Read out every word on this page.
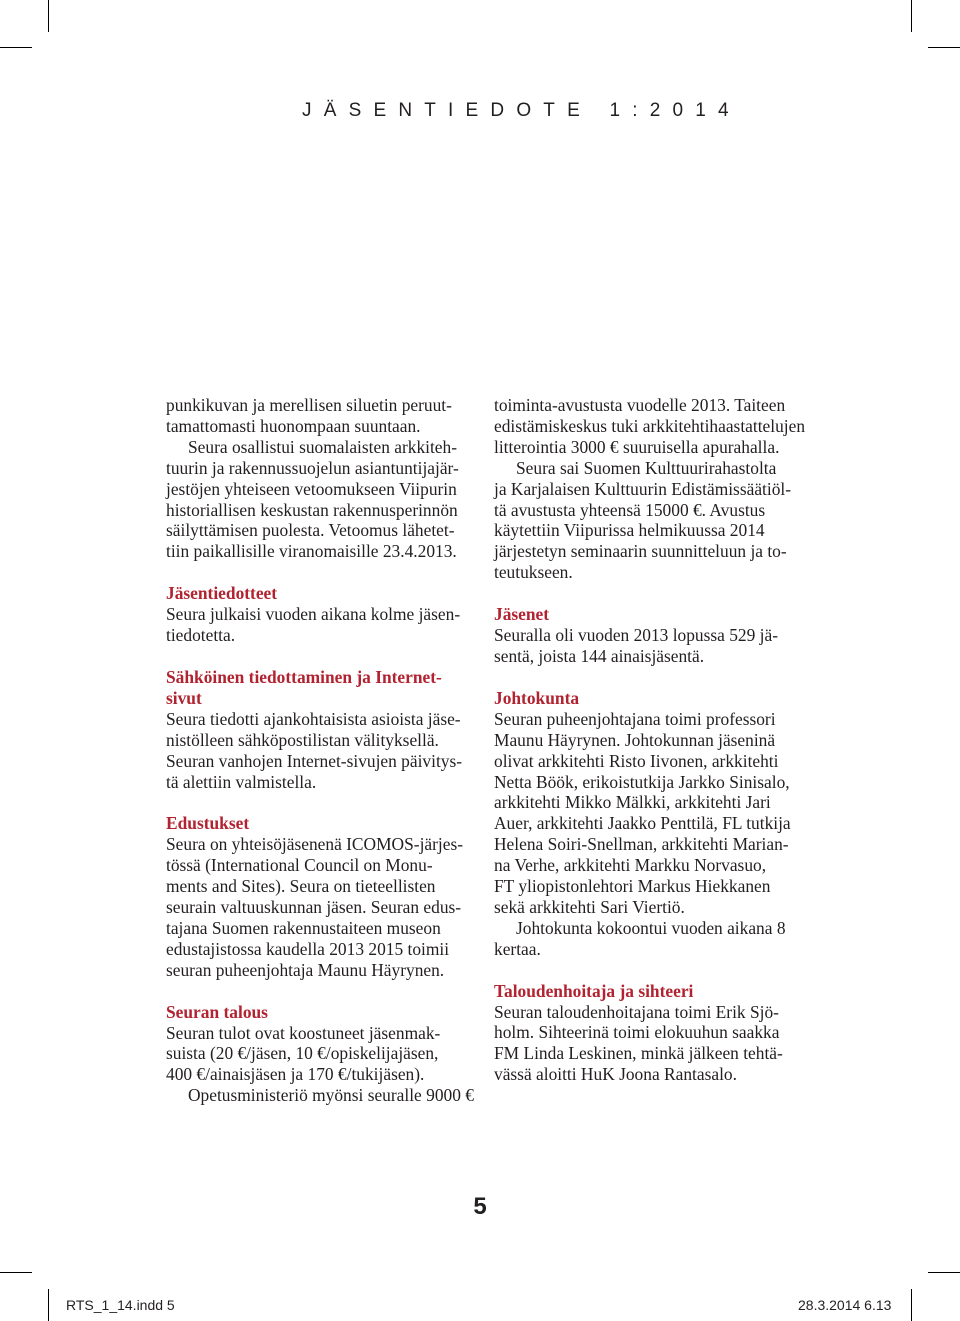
JÄSENTIEDOTE 1:2014

punkikuvan ja merellisen siluetin peruut-
tamattomasti huonompaan suuntaan.

Seura osallistui suomalaisten arkkiteh-
tuurin ja rakennussuojelun asiantuntijajär-
jestöjen yhteiseen vetoomukseen Viipurin
historiallisen keskustan rakennusperinnön
säilyttämisen puolesta. Vetoomus lähetet-
tiin paikallisille viranomaisille 23.4.2013.

Jäsentiedotteet

Seura julkaisi vuoden aikana kolme jäsen-
tiedotetta.

Sähköinen tiedottaminen ja Internet-
sivut

Seura tiedotti ajankohtaisista asioista jäse-
nistölleen sähköpostilistan välityksellä.
Seuran vanhojen Internet-sivujen päivitys-
tä alettiin valmistella.

Edustukset

Seura on yhteisöjäsenenä ICOMOS-järjes-
tössä (International Council on Monu-
ments and Sites). Seura on tieteellisten
seurain valtuuskunnan jäsen. Seuran edus-
tajana Suomen rakennustaiteen museon
edustajistossa kaudella 2013 2015 toimii
seuran puheenjohtaja Maunu Häyrynen.

Seuran talous

Seuran tulot ovat koostuneet jäsenmak-
suista (20 €/jäsen, 10 €/opiskelijajäsen,
400 €/ainaisjäsen ja 170 €/tukijäsen).

Opetusministeriö myönsi seuralle 9000 €

toiminta-avustusta vuodelle 2013. Taiteen
edistämiskeskus tuki arkkitehtihaastattelujen
litterointia 3000 € suuruisella apurahalla.

Seura sai Suomen Kulttuurirahastolta
ja Karjalaisen Kulttuurin Edistämissäätiöl-
tä avustusta yhteensä 15000 €. Avustus
käytettiin Viipurissa helmikuussa 2014
järjestetyn seminaarin suunnitteluun ja to-
teutukseen.

Jäsenet

Seuralla oli vuoden 2013 lopussa 529 jä-
sentä, joista 144 ainaisjäsentä.

Johtokunta

Seuran puheenjohtajana toimi professori
Maunu Häyrynen. Johtokunnan jäseninä
olivat arkkitehti Risto Iivonen, arkkitehti
Netta Böök, erikoistutkija Jarkko Sinisalo,
arkkitehti Mikko Mälkki, arkkitehti Jari
Auer, arkkitehti Jaakko Penttilä, FL tutkija
Helena Soiri-Snellman, arkkitehti Marian-
na Verhe, arkkitehti Markku Norvasuo,
FT yliopistonlehtori Markus Hiekkanen
sekä arkkitehti Sari Viertiö.

Johtokunta kokoontui vuoden aikana 8
kertaa.

Taloudenhoitaja ja sihteeri

Seuran taloudenhoitajana toimi Erik Sjö-
holm. Sihteerinä toimi elokuuhun saakka
FM Linda Leskinen, minkä jälkeen tehtä-
vässä aloitti HuK Joona Rantasalo.

5
RTS_1_14.indd 5	28.3.2014 6.13
